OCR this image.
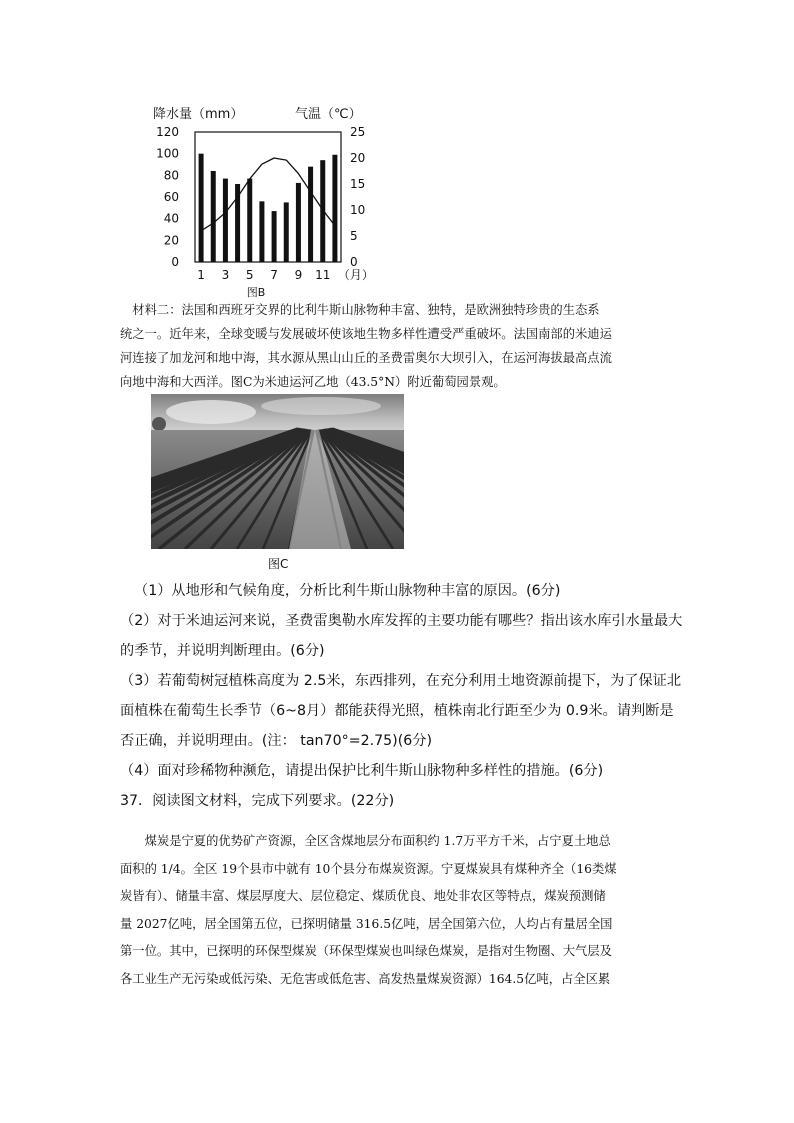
降水量（mm）	气温（℃）
120
100
80
60
40
20
0
25
20
15
10
5
0
1 3 5 7 9 11 （月）
图B
材料二：法国和西班牙交界的比利牛斯山脉物种丰富、独特，是欧洲独特珍贵的生态系
统之一。近年来，全球变暖与发展破坏使该地生物多样性遭受严重破坏。法国南部的米迪运
河连接了加龙河和地中海，其水源从黑山山丘的圣费雷奥尔大坝引入，在运河海拔最高点流
向地中海和大西洋。图C为米迪运河乙地（43.5°N）附近葡萄园景观。
图C
（1）从地形和气候角度，分析比利牛斯山脉物种丰富的原因。(6分)
（2）对于米迪运河来说，圣费雷奥勒水库发挥的主要功能有哪些？指出该水库引水量最大
的季节，并说明判断理由。(6分)
（3）若葡萄树冠植株高度为 2.5米，东西排列，在充分利用土地资源前提下，为了保证北
面植株在葡萄生长季节（6~8月）都能获得光照，植株南北行距至少为 0.9米。请判断是
否正确，并说明理由。(注： tan70°=2.75)(6分)
（4）面对珍稀物种濒危，请提出保护比利牛斯山脉物种多样性的措施。(6分)
37．阅读图文材料，完成下列要求。(22分)
煤炭是宁夏的优势矿产资源，全区含煤地层分布面积约 1.7万平方千米，占宁夏土地总
面积的 1/4。全区 19个县市中就有 10个县分布煤炭资源。宁夏煤炭具有煤种齐全（16类煤
炭皆有）、储量丰富、煤层厚度大、层位稳定、煤质优良、地处非农区等特点，煤炭预测储
量 2027亿吨，居全国第五位，已探明储量 316.5亿吨，居全国第六位，人均占有量居全国
第一位。其中，已探明的环保型煤炭（环保型煤炭也叫绿色煤炭，是指对生物圈、大气层及
各工业生产无污染或低污染、无危害或低危害、高发热量煤炭资源）164.5亿吨，占全区累
